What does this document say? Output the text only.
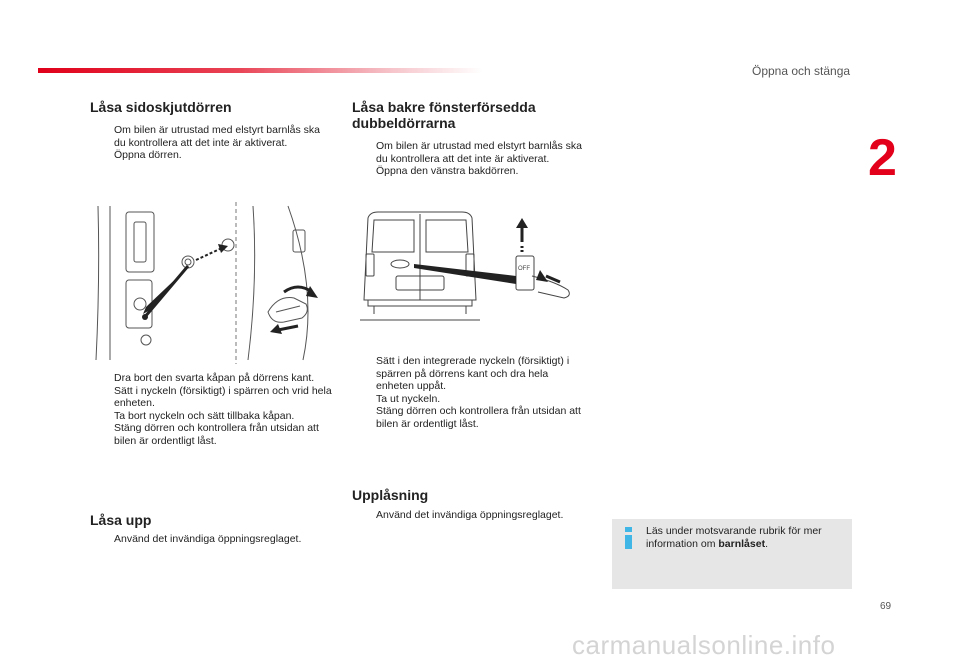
Öppna och stänga
2
Låsa sidoskjutdörren

Om bilen är utrustad med elstyrt barnlås ska du kontrollera att det inte är aktiverat.

Öppna dörren.

Dra bort den svarta kåpan på dörrens kant.

Sätt i nyckeln (försiktigt) i spärren och vrid hela enheten.

Ta bort nyckeln och sätt tillbaka kåpan.

Stäng dörren och kontrollera från utsidan att bilen är ordentligt låst.

Låsa upp

Använd det invändiga öppningsreglaget.

Låsa bakre fönsterförsedda
dubbeldörrarna

Om bilen är utrustad med elstyrt barnlås ska du kontrollera att det inte är aktiverat.

Öppna den vänstra bakdörren.

OFF

Sätt i den integrerade nyckeln (försiktigt) i spärren på dörrens kant och dra hela enheten uppåt.

Ta ut nyckeln.

Stäng dörren och kontrollera från utsidan att bilen är ordentligt låst.

Upplåsning

Använd det invändiga öppningsreglaget.

Läs under motsvarande rubrik för mer information om barnlåset.
69
carmanualsonline.info
